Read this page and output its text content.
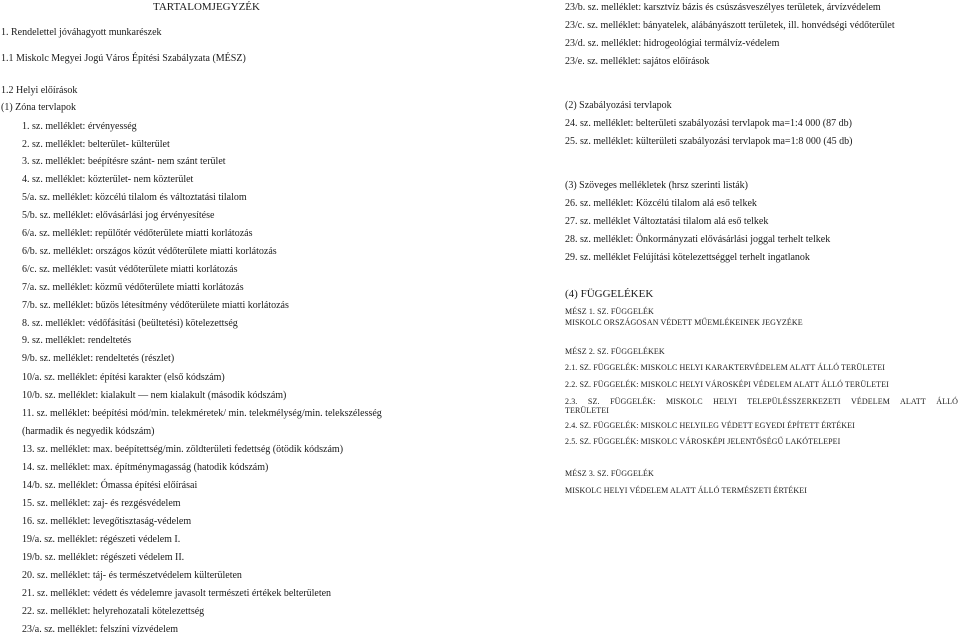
TARTALOMJEGYZÉK
1. Rendelettel jóváhagyott munkarészek
1.1 Miskolc Megyei Jogú Város Építési Szabályzata (MÉSZ)
1.2 Helyi előírások
(1) Zóna tervlapok
1. sz. melléklet: érvényesség
2. sz. melléklet: belterület- külterület
3. sz. melléklet: beépítésre szánt- nem szánt terület
4. sz. melléklet: közterület- nem közterület
5/a. sz. melléklet: közcélú tilalom és változtatási tilalom
5/b. sz. melléklet: elővásárlási jog érvényesítése
6/a. sz. melléklet: repülőtér védőterülete miatti korlátozás
6/b. sz. melléklet: országos közút védőterülete miatti korlátozás
6/c. sz. melléklet: vasút védőterülete miatti korlátozás
7/a. sz. melléklet: közmű védőterülete miatti korlátozás
7/b. sz. melléklet: bűzös létesítmény védőterülete miatti korlátozás
8. sz. melléklet: védőfásítási (beültetési) kötelezettség
9. sz. melléklet: rendeltetés
9/b. sz. melléklet: rendeltetés (részlet)
10/a. sz. melléklet: építési karakter (első kódszám)
10/b. sz. melléklet: kialakult — nem kialakult (második kódszám)
11. sz. melléklet: beépítési mód/min. telekméretek/ min. telekmélység/min. telekszélesség
(harmadik és negyedik kódszám)
13. sz. melléklet: max. beépítettség/min. zöldterületi fedettség (ötödik kódszám)
14. sz. melléklet: max. építménymagasság (hatodik kódszám)
14/b. sz. melléklet: Ómassa építési előírásai
15. sz. melléklet: zaj- és rezgésvédelem
16. sz. melléklet: levegőtisztaság-védelem
19/a. sz. melléklet: régészeti védelem I.
19/b. sz. melléklet: régészeti védelem II.
20. sz. melléklet: táj- és természetvédelem külterületen
21. sz. melléklet: védett és védelemre javasolt természeti értékek belterületen
22. sz. melléklet: helyrehozatali kötelezettség
23/a. sz. melléklet: felszíni vízvédelem
23/b. sz. melléklet: karsztvíz bázis és csúszásveszélyes területek, árvízvédelem
23/c. sz. melléklet: bányatelek, alábányászott területek, ill. honvédségi védőterület
23/d. sz. melléklet: hidrogeológiai termálvíz-védelem
23/e. sz. melléklet: sajátos előírások
(2) Szabályozási tervlapok
24. sz. melléklet: belterületi szabályozási tervlapok ma=1:4 000 (87 db)
25. sz. melléklet: külterületi szabályozási tervlapok ma=1:8 000 (45 db)
(3) Szöveges mellékletek (hrsz szerinti listák)
26. sz. melléklet: Közcélú tilalom alá eső telkek
27. sz. melléklet Változtatási tilalom alá eső telkek
28. sz. melléklet: Önkormányzati elővásárlási joggal terhelt telkek
29. sz. melléklet Felújítási kötelezettséggel terhelt ingatlanok
(4) FÜGGELÉKEK
MÉSZ 1. SZ. FÜGGELÉK
MISKOLC ORSZÁGOSAN VÉDETT MŰEMLÉKEINEK JEGYZÉKE
MÉSZ 2. SZ. FÜGGELÉKEK
2.1. SZ. FÜGGELÉK: MISKOLC HELYI KARAKTERVÉDELEM ALATT ÁLLÓ TERÜLETEI
2.2. SZ. FÜGGELÉK: MISKOLC HELYI VÁROSKÉPI VÉDELEM ALATT ÁLLÓ TERÜLETEI
2.3. SZ. FÜGGELÉK: MISKOLC HELYI TELEPÜLÉSSZERKEZETI VÉDELEM ALATT ÁLLÓ
TERÜLETEI
2.4. SZ. FÜGGELÉK: MISKOLC HELYILEG VÉDETT EGYEDI ÉPÍTETT ÉRTÉKEI
2.5. SZ. FÜGGELÉK: MISKOLC VÁROSKÉPI JELENTŐSÉGŰ LAKÓTELEPEI
MÉSZ 3. SZ. FÜGGELÉK
MISKOLC HELYI VÉDELEM ALATT ÁLLÓ TERMÉSZETI ÉRTÉKEI
